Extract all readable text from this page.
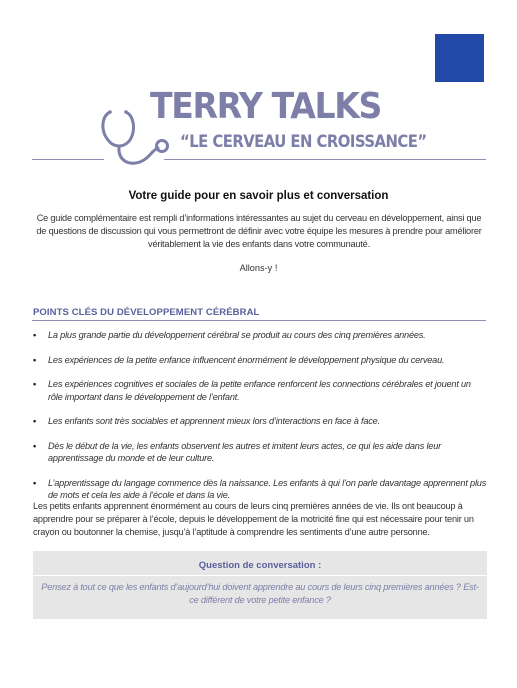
TERRY TALKS
“LE CERVEAU EN CROISSANCE”
Votre guide pour en savoir plus et conversation

Ce guide complémentaire est rempli d’informations intéressantes au sujet du cerveau en développement, ainsi que de questions de discussion qui vous permettront de définir avec votre équipe les mesures à prendre pour améliorer véritablement la vie des enfants dans votre communauté.

Allons-y !

POINTS CLÉS DU DÉVELOPPEMENT CÉRÉBRAL
• La plus grande partie du développement cérébral se produit au cours des cinq premières années.
• Les expériences de la petite enfance influencent énormément le développement physique du cerveau.
• Les expériences cognitives et sociales de la petite enfance renforcent les connections cérébrales et jouent un rôle important dans le développement de l’enfant.
• Les enfants sont très sociables et apprennent mieux lors d’interactions en face à face.
• Dès le début de la vie, les enfants observent les autres et imitent leurs actes, ce qui les aide dans leur apprentissage du monde et de leur culture.
• L’apprentissage du langage commence dès la naissance. Les enfants à qui l’on parle davantage apprennent plus de mots et cela les aide à l’école et dans la vie.

Les petits enfants apprennent énormément au cours de leurs cinq premières années de vie. Ils ont beaucoup à apprendre pour se préparer à l’école, depuis le développement de la motricité fine qui est nécessaire pour tenir un crayon ou boutonner la chemise, jusqu’à l’aptitude à comprendre les sentiments d’une autre personne.

Question de conversation :

Pensez à tout ce que les enfants d’aujourd’hui doivent apprendre au cours de leurs cinq premières années ? Est-ce différent de votre petite enfance ?
